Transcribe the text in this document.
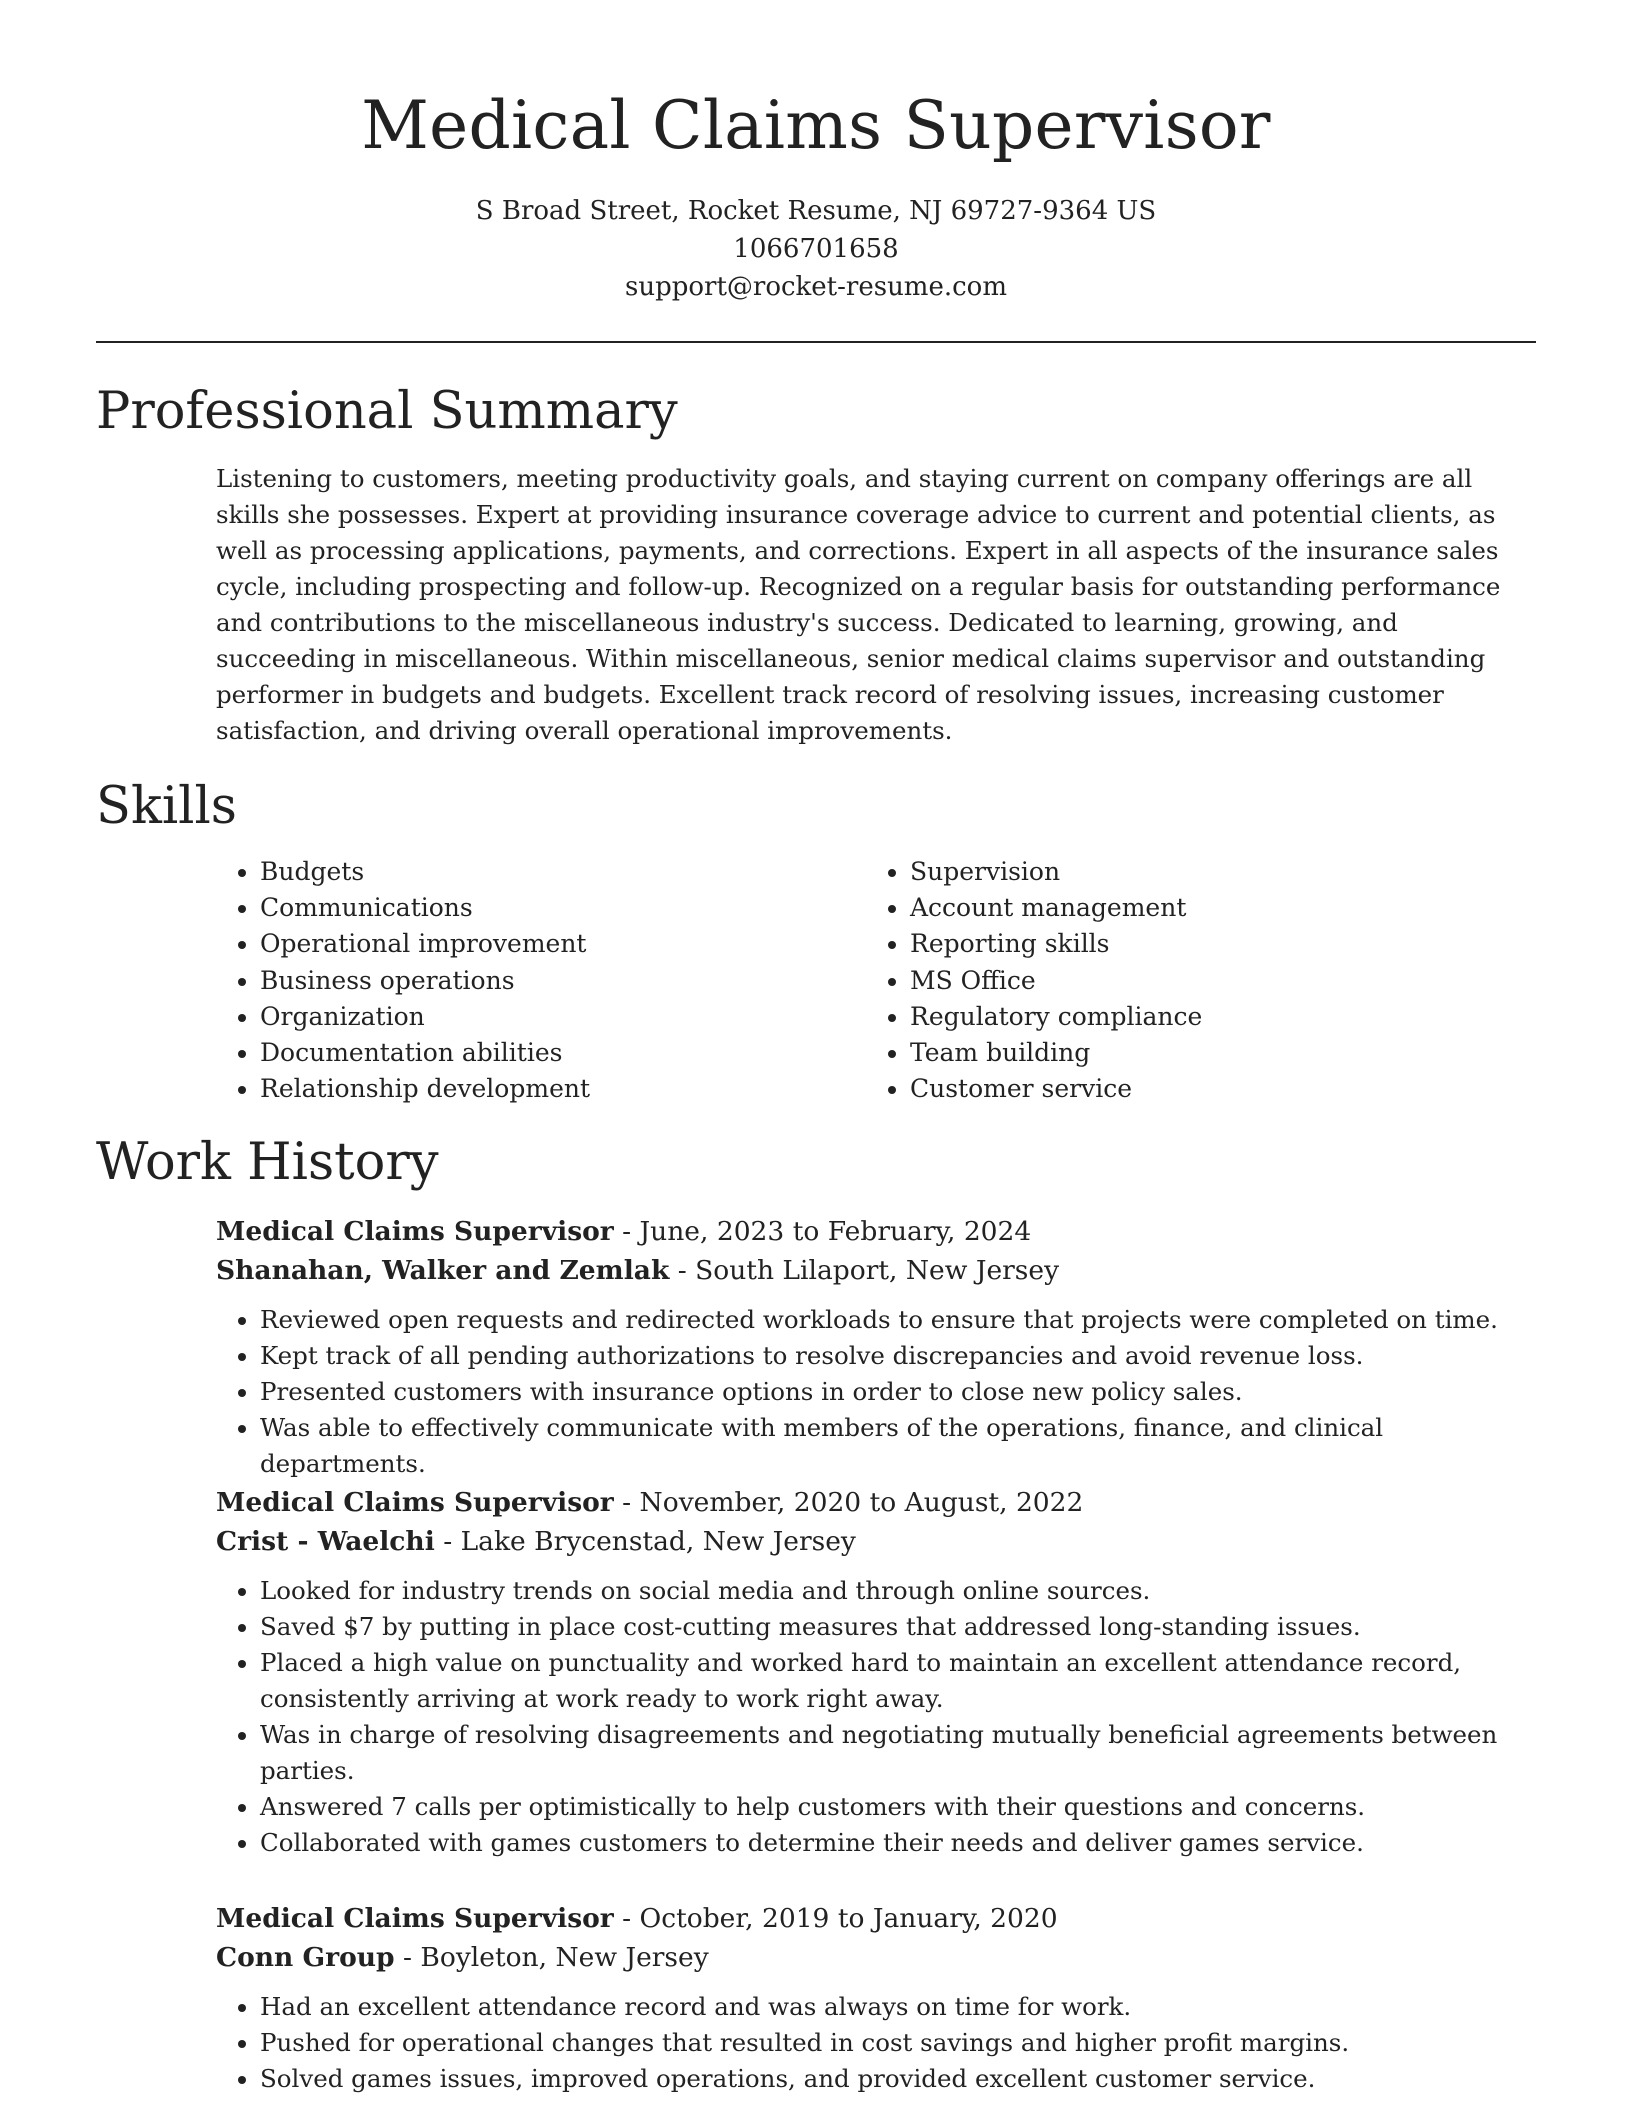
Medical Claims Supervisor

S Broad Street, Rocket Resume, NJ 69727-9364 US

1066701658

support@rocket-resume.com

Professional Summary

Listening to customers, meeting productivity goals, and staying current on company offerings are all skills she possesses. Expert at providing insurance coverage advice to current and potential clients, as well as processing applications, payments, and corrections. Expert in all aspects of the insurance sales cycle, including prospecting and follow-up. Recognized on a regular basis for outstanding performance and contributions to the miscellaneous industry's success. Dedicated to learning, growing, and succeeding in miscellaneous. Within miscellaneous, senior medical claims supervisor and outstanding performer in budgets and budgets. Excellent track record of resolving issues, increasing customer satisfaction, and driving overall operational improvements.

Skills
• Budgets
• Communications
• Operational improvement
• Business operations
• Organization
• Documentation abilities
• Relationship development
• Supervision
• Account management
• Reporting skills
• MS Office
• Regulatory compliance
• Team building
• Customer service
Work History

Medical Claims Supervisor - June, 2023 to February, 2024

Shanahan, Walker and Zemlak - South Lilaport, New Jersey

• Reviewed open requests and redirected workloads to ensure that projects were completed on time.
• Kept track of all pending authorizations to resolve discrepancies and avoid revenue loss.
• Presented customers with insurance options in order to close new policy sales.
• Was able to effectively communicate with members of the operations, finance, and clinical departments.

Medical Claims Supervisor - November, 2020 to August, 2022

Crist - Waelchi - Lake Brycenstad, New Jersey

• Looked for industry trends on social media and through online sources.
• Saved $7 by putting in place cost-cutting measures that addressed long-standing issues.
• Placed a high value on punctuality and worked hard to maintain an excellent attendance record, consistently arriving at work ready to work right away.
• Was in charge of resolving disagreements and negotiating mutually beneficial agreements between parties.
• Answered 7 calls per optimistically to help customers with their questions and concerns.
• Collaborated with games customers to determine their needs and deliver games service.

Medical Claims Supervisor - October, 2019 to January, 2020

Conn Group - Boyleton, New Jersey

• Had an excellent attendance record and was always on time for work.
• Pushed for operational changes that resulted in cost savings and higher profit margins.
• Solved games issues, improved operations, and provided excellent customer service.
